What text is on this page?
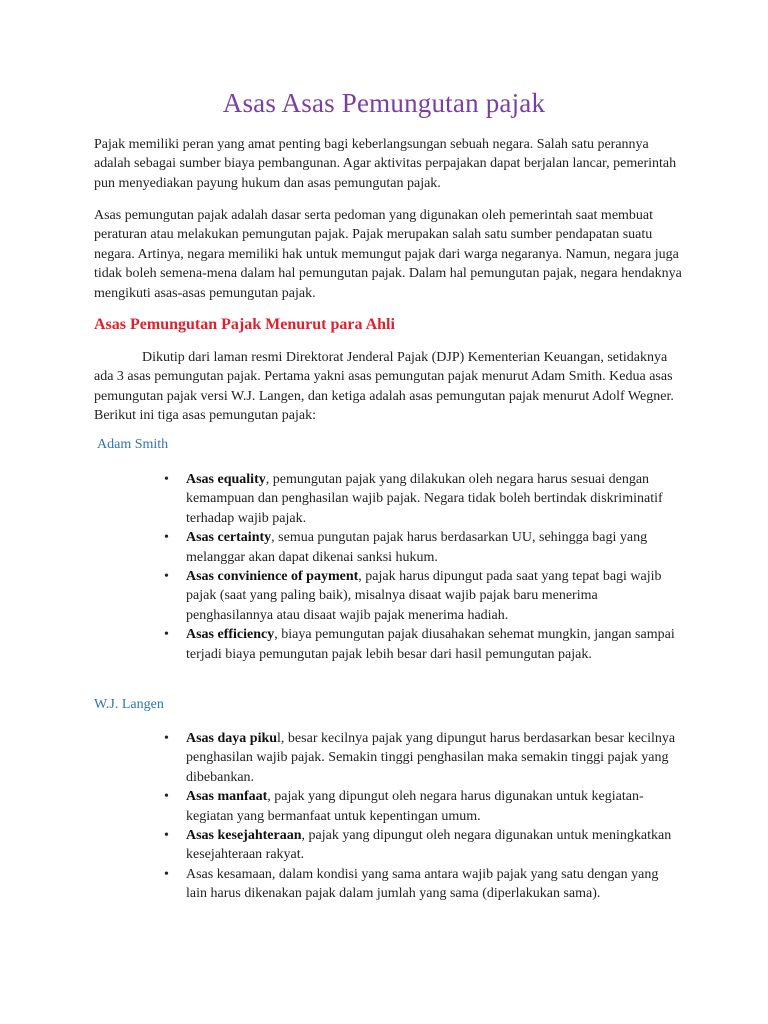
Asas Asas Pemungutan pajak

Pajak memiliki peran yang amat penting bagi keberlangsungan sebuah negara. Salah satu perannya adalah sebagai sumber biaya pembangunan. Agar aktivitas perpajakan dapat berjalan lancar, pemerintah pun menyediakan payung hukum dan asas pemungutan pajak.

Asas pemungutan pajak adalah dasar serta pedoman yang digunakan oleh pemerintah saat membuat peraturan atau melakukan pemungutan pajak. Pajak merupakan salah satu sumber pendapatan suatu negara. Artinya, negara memiliki hak untuk memungut pajak dari warga negaranya. Namun, negara juga tidak boleh semena-mena dalam hal pemungutan pajak. Dalam hal pemungutan pajak, negara hendaknya mengikuti asas-asas pemungutan pajak.

Asas Pemungutan Pajak Menurut para Ahli

Dikutip dari laman resmi Direktorat Jenderal Pajak (DJP) Kementerian Keuangan, setidaknya ada 3 asas pemungutan pajak. Pertama yakni asas pemungutan pajak menurut Adam Smith. Kedua asas pemungutan pajak versi W.J. Langen, dan ketiga adalah asas pemungutan pajak menurut Adolf Wegner. Berikut ini tiga asas pemungutan pajak:

Adam Smith

• Asas equality, pemungutan pajak yang dilakukan oleh negara harus sesuai dengan kemampuan dan penghasilan wajib pajak. Negara tidak boleh bertindak diskriminatif terhadap wajib pajak.
• Asas certainty, semua pungutan pajak harus berdasarkan UU, sehingga bagi yang melanggar akan dapat dikenai sanksi hukum.
• Asas convinience of payment, pajak harus dipungut pada saat yang tepat bagi wajib pajak (saat yang paling baik), misalnya disaat wajib pajak baru menerima penghasilannya atau disaat wajib pajak menerima hadiah.
• Asas efficiency, biaya pemungutan pajak diusahakan sehemat mungkin, jangan sampai terjadi biaya pemungutan pajak lebih besar dari hasil pemungutan pajak.

W.J. Langen

• Asas daya pikul, besar kecilnya pajak yang dipungut harus berdasarkan besar kecilnya penghasilan wajib pajak. Semakin tinggi penghasilan maka semakin tinggi pajak yang dibebankan.
• Asas manfaat, pajak yang dipungut oleh negara harus digunakan untuk kegiatan-kegiatan yang bermanfaat untuk kepentingan umum.
• Asas kesejahteraan, pajak yang dipungut oleh negara digunakan untuk meningkatkan kesejahteraan rakyat.
• Asas kesamaan, dalam kondisi yang sama antara wajib pajak yang satu dengan yang lain harus dikenakan pajak dalam jumlah yang sama (diperlakukan sama).
